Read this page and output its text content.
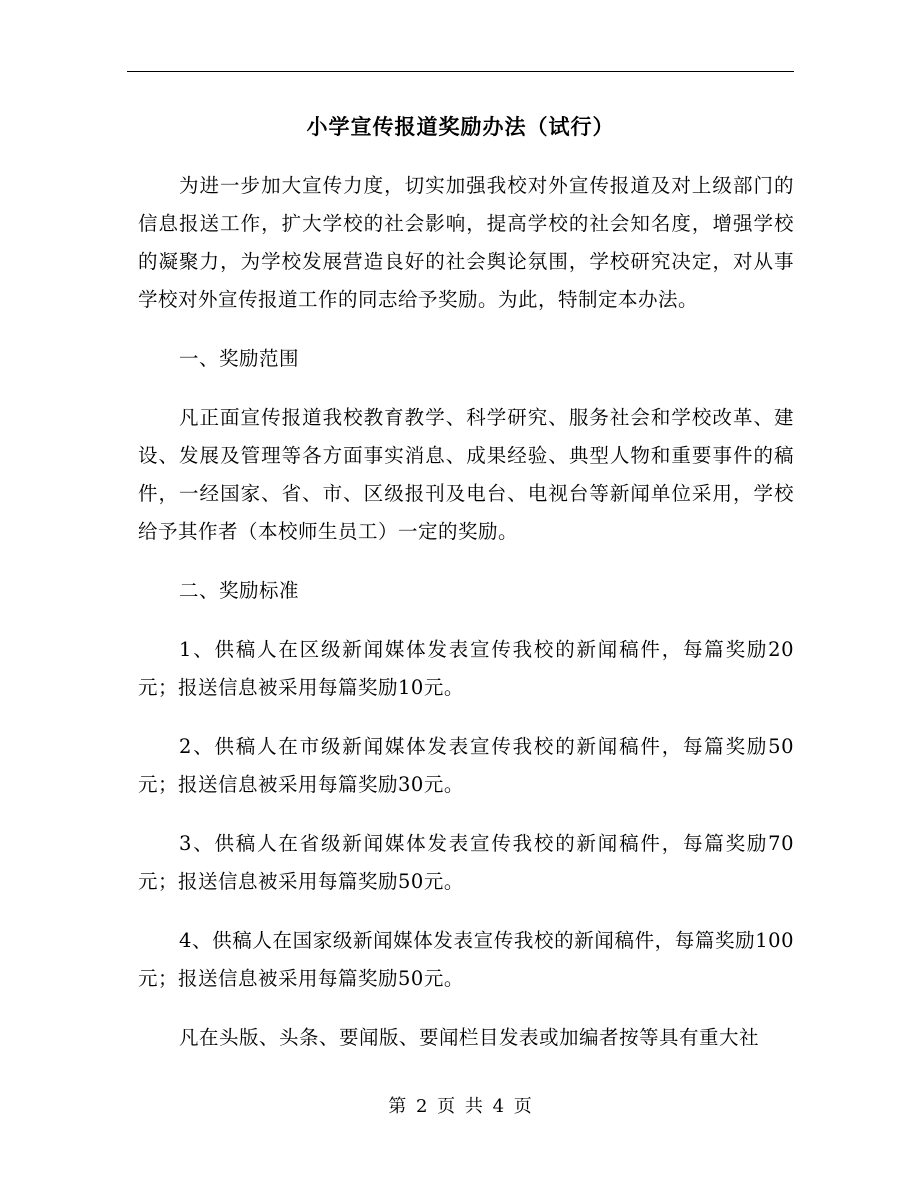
小学宣传报道奖励办法（试行）

为进一步加大宣传力度，切实加强我校对外宣传报道及对上级部门的信息报送工作，扩大学校的社会影响，提高学校的社会知名度，增强学校的凝聚力，为学校发展营造良好的社会舆论氛围，学校研究决定，对从事学校对外宣传报道工作的同志给予奖励。为此，特制定本办法。

一、奖励范围

凡正面宣传报道我校教育教学、科学研究、服务社会和学校改革、建设、发展及管理等各方面事实消息、成果经验、典型人物和重要事件的稿件，一经国家、省、市、区级报刊及电台、电视台等新闻单位采用，学校给予其作者（本校师生员工）一定的奖励。

二、奖励标准

1、供稿人在区级新闻媒体发表宣传我校的新闻稿件，每篇奖励20元；报送信息被采用每篇奖励10元。

2、供稿人在市级新闻媒体发表宣传我校的新闻稿件，每篇奖励50元；报送信息被采用每篇奖励30元。

3、供稿人在省级新闻媒体发表宣传我校的新闻稿件，每篇奖励70元；报送信息被采用每篇奖励50元。

4、供稿人在国家级新闻媒体发表宣传我校的新闻稿件，每篇奖励100元；报送信息被采用每篇奖励50元。

凡在头版、头条、要闻版、要闻栏目发表或加编者按等具有重大社

第 2 页 共 4 页
